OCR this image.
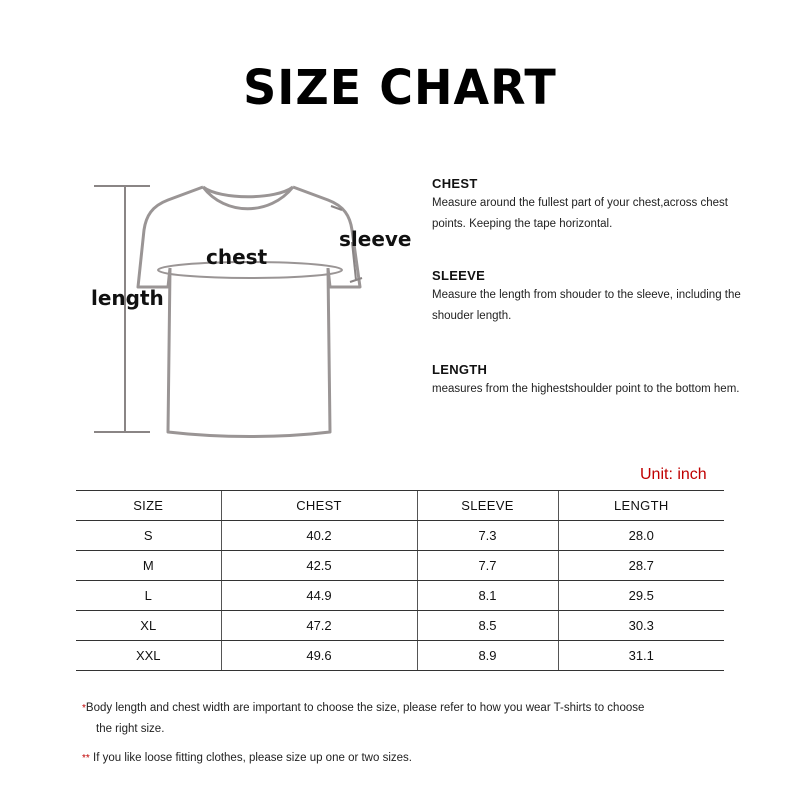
SIZE CHART
chest
sleeve
length
CHEST
Measure around the fullest part of your chest,across chest points. Keeping the tape horizontal.
SLEEVE
Measure the length from shouder to the sleeve, including the shouder length.
LENGTH
measures from the highestshoulder point to the bottom hem.
Unit: inch
SIZE	CHEST	SLEEVE	LENGTH
S	40.2	7.3	28.0
M	42.5	7.7	28.7
L	44.9	8.1	29.5
XL	47.2	8.5	30.3
XXL	49.6	8.9	31.1
*Body length and chest width are important to choose the size, please refer to how you wear T-shirts to choose
the right size.
** If you like loose fitting clothes, please size up one or two sizes.
